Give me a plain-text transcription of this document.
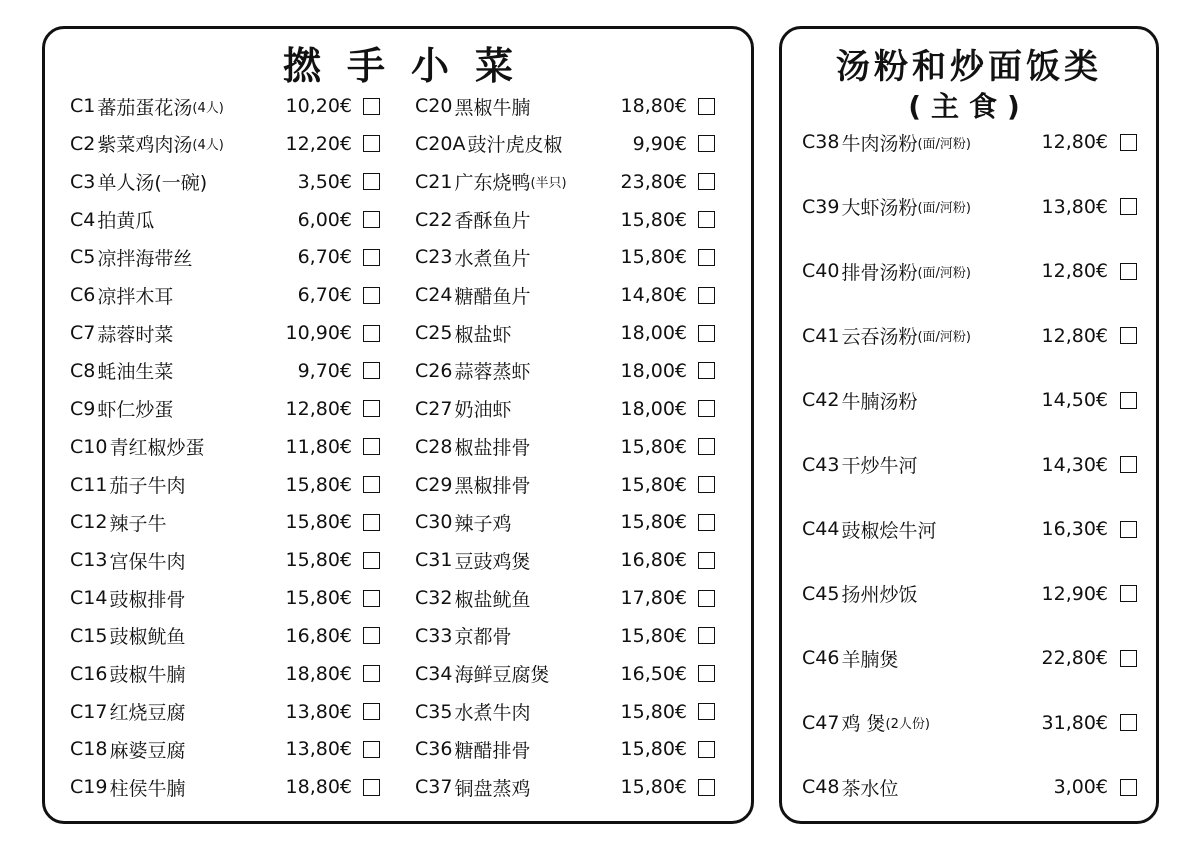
撚手小菜	汤粉和炒面饭类
(主食)
C1 蕃茄蛋花汤 (4人)	10,20€
C2 紫菜鸡肉汤 (4人)	12,20€
C3 单人汤(一碗)	3,50€
C4 拍黄瓜	6,00€
C5 凉拌海带丝	6,70€
C6 凉拌木耳	6,70€
C7 蒜蓉时菜	10,90€
C8 蚝油生菜	9,70€
C9 虾仁炒蛋	12,80€
C10 青红椒炒蛋	11,80€
C11 茄子牛肉	15,80€
C12 辣子牛	15,80€
C13 宫保牛肉	15,80€
C14 豉椒排骨	15,80€
C15 豉椒鱿鱼	16,80€
C16 豉椒牛腩	18,80€
C17 红烧豆腐	13,80€
C18 麻婆豆腐	13,80€
C19 柱侯牛腩	18,80€
C20 黑椒牛腩	18,80€
C20A 豉汁虎皮椒	9,90€
C21 广东烧鸭 (半只)	23,80€
C22 香酥鱼片	15,80€
C23 水煮鱼片	15,80€
C24 糖醋鱼片	14,80€
C25 椒盐虾	18,00€
C26 蒜蓉蒸虾	18,00€
C27 奶油虾	18,00€
C28 椒盐排骨	15,80€
C29 黑椒排骨	15,80€
C30 辣子鸡	15,80€
C31 豆豉鸡煲	16,80€
C32 椒盐鱿鱼	17,80€
C33 京都骨	15,80€
C34 海鲜豆腐煲	16,50€
C35 水煮牛肉	15,80€
C36 糖醋排骨	15,80€
C37 铜盘蒸鸡	15,80€
C38 牛肉汤粉 (面/河粉)	12,80€
C39 大虾汤粉 (面/河粉)	13,80€
C40 排骨汤粉 (面/河粉)	12,80€
C41 云吞汤粉 (面/河粉)	12,80€
C42 牛腩汤粉	14,50€
C43 干炒牛河	14,30€
C44 豉椒烩牛河	16,30€
C45 扬州炒饭	12,90€
C46 羊腩煲	22,80€
C47 鸡 煲 (2人份)	31,80€
C48 茶水位	3,00€
